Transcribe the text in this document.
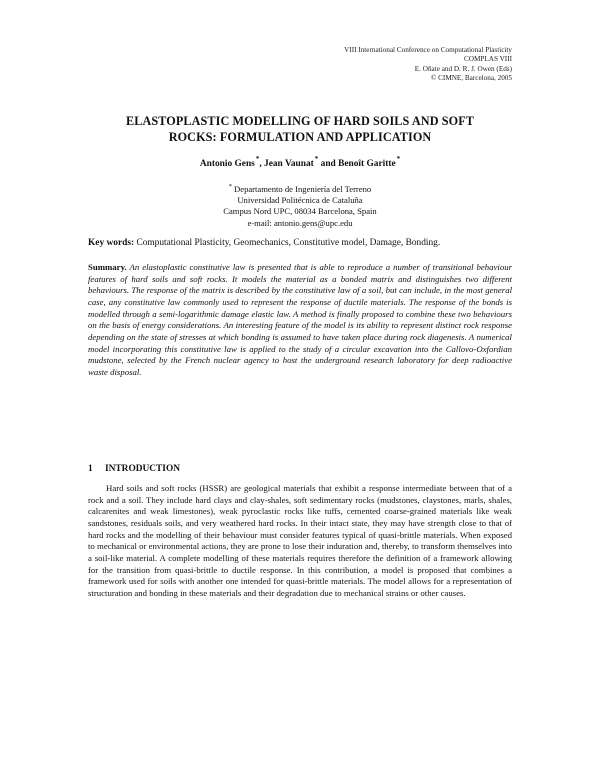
VIII International Conference on Computational Plasticity
COMPLAS VIII
E. Oñate and D. R. J. Owen (Eds)
© CIMNE, Barcelona, 2005
ELASTOPLASTIC MODELLING OF HARD SOILS AND SOFT
ROCKS: FORMULATION AND APPLICATION
Antonio Gens*, Jean Vaunat* and Benoît Garitte*
* Departamento de Ingeniería del Terreno
Universidad Politécnica de Cataluña
Campus Nord UPC, 08034 Barcelona, Spain
e-mail: antonio.gens@upc.edu
Key words: Computational Plasticity, Geomechanics, Constitutive model, Damage, Bonding.
Summary. An elastoplastic constitutive law is presented that is able to reproduce a number of transitional behaviour features of hard soils and soft rocks. It models the material as a bonded matrix and distinguishes two different behaviours. The response of the matrix is described by the constitutive law of a soil, but can include, in the most general case, any constitutive law commonly used to represent the response of ductile materials. The response of the bonds is modelled through a semi-logarithmic damage elastic law. A method is finally proposed to combine these two behaviours on the basis of energy considerations. An interesting feature of the model is its ability to represent distinct rock response depending on the state of stresses at which bonding is assumed to have taken place during rock diagenesis. A numerical model incorporating this constitutive law is applied to the study of a circular excavation into the Callovo-Oxfordian mudstone, selected by the French nuclear agency to host the underground research laboratory for deep radioactive waste disposal.
1 INTRODUCTION
Hard soils and soft rocks (HSSR) are geological materials that exhibit a response intermediate between that of a rock and a soil. They include hard clays and clay-shales, soft sedimentary rocks (mudstones, claystones, marls, shales, calcarenites and weak limestones), weak pyroclastic rocks like tuffs, cemented coarse-grained materials like weak sandstones, residuals soils, and very weathered hard rocks. In their intact state, they may have strength close to that of hard rocks and the modelling of their behaviour must consider features typical of quasi-brittle materials. When exposed to mechanical or environmental actions, they are prone to lose their induration and, thereby, to transform themselves into a soil-like material. A complete modelling of these materials requires therefore the definition of a framework allowing for the transition from quasi-brittle to ductile response. In this contribution, a model is proposed that combines a framework used for soils with another one intended for quasi-brittle materials. The model allows for a representation of structuration and bonding in these materials and their degradation due to mechanical strains or other causes.
